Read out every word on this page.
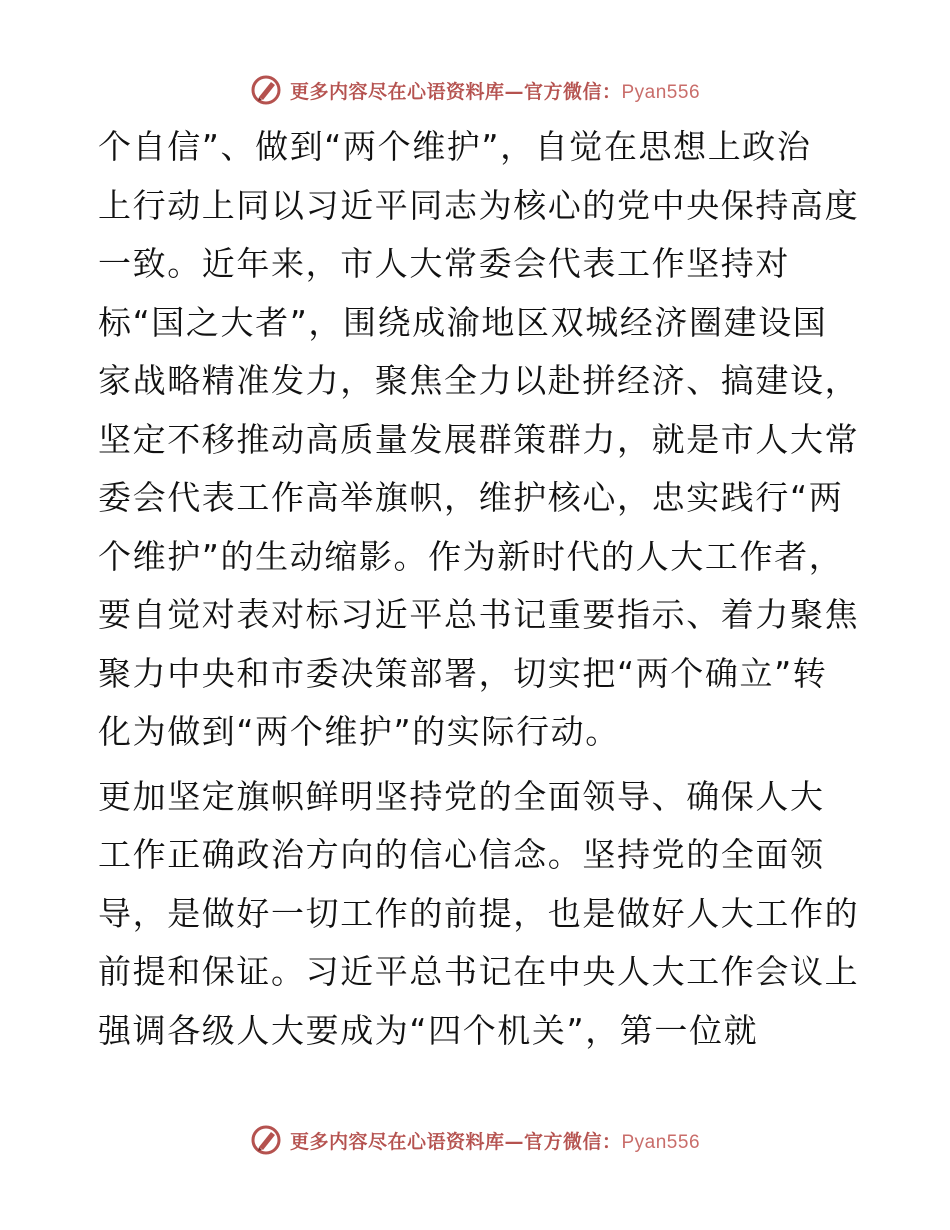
更多内容尽在心语资料库—官方微信：Pyan556
个自信”、做到“两个维护”，自觉在思想上政治
上行动上同以习近平同志为核心的党中央保持高度
一致。近年来，市人大常委会代表工作坚持对
标“国之大者”，围绕成渝地区双城经济圈建设国
家战略精准发力，聚焦全力以赴拼经济、搞建设，
坚定不移推动高质量发展群策群力，就是市人大常
委会代表工作高举旗帜，维护核心，忠实践行“两
个维护”的生动缩影。作为新时代的人大工作者，
要自觉对表对标习近平总书记重要指示、着力聚焦
聚力中央和市委决策部署，切实把“两个确立”转
化为做到“两个维护”的实际行动。
更加坚定旗帜鲜明坚持党的全面领导、确保人大
工作正确政治方向的信心信念。坚持党的全面领
导，是做好一切工作的前提，也是做好人大工作的
前提和保证。习近平总书记在中央人大工作会议上
强调各级人大要成为“四个机关”，第一位就
更多内容尽在心语资料库—官方微信：Pyan556
